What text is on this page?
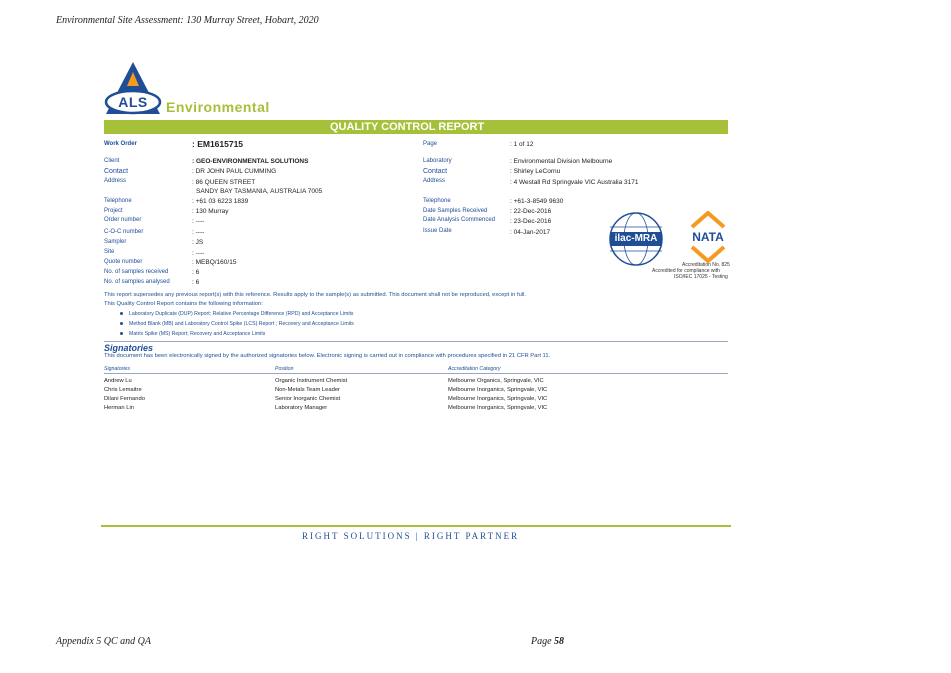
Environmental Site Assessment: 130 Murray Street, Hobart, 2020
ALS	Environmental
QUALITY CONTROL REPORT
Work Order	: EM1615715
Client	: GEO-ENVIRONMENTAL SOLUTIONS
Contact	: DR JOHN PAUL CUMMING
Address	: 86 QUEEN STREET
SANDY BAY TASMANIA, AUSTRALIA 7005
Telephone	: +61 03 6223 1839
Project	: 130 Murray
Order number	: ----
C-O-C number	: ----
Sampler	: JS
Site	: ----
Quote number	: MEBQ/160/15
No. of samples received	: 6
No. of samples analysed	: 6
Page	: 1 of 12
Laboratory	: Environmental Division Melbourne
Contact	: Shirley LeCornu
Address	: 4 Westall Rd Springvale VIC Australia 3171
Telephone	: +61-3-8549 9630
Date Samples Received	: 22-Dec-2016
Date Analysis Commenced : 23-Dec-2016
Issue Date	: 04-Jan-2017
ilac-MRA	NATA
Accreditation No. 825
Accredited for compliance with
ISO/IEC 17025 - Testing
This report supersedes any previous report(s) with this reference. Results apply to the sample(s) as submitted. This document shall not be reproduced, except in full.
This Quality Control Report contains the following information:
Laboratory Duplicate (DUP) Report; Relative Percentage Difference (RPD) and Acceptance Limits
Method Blank (MB) and Laboratory Control Spike (LCS) Report ; Recovery and Acceptance Limits
Matrix Spike (MS) Report; Recovery and Acceptance Limits
Signatories
This document has been electronically signed by the authorized signatories below. Electronic signing is carried out in compliance with procedures specified in 21 CFR Part 11.
Signatories	Position	Accreditation Category
Andrew Lu	Organic Instrument Chemist	Melbourne Organics, Springvale, VIC
Chris Lemaitre	Non-Metals Team Leader	Melbourne Inorganics, Springvale, VIC
Dilani Fernando	Senior Inorganic Chemist	Melbourne Inorganics, Springvale, VIC
Herman Lin	Laboratory Manager	Melbourne Inorganics, Springvale, VIC
RIGHT SOLUTIONS | RIGHT PARTNER
Appendix 5 QC and QA	Page 58
